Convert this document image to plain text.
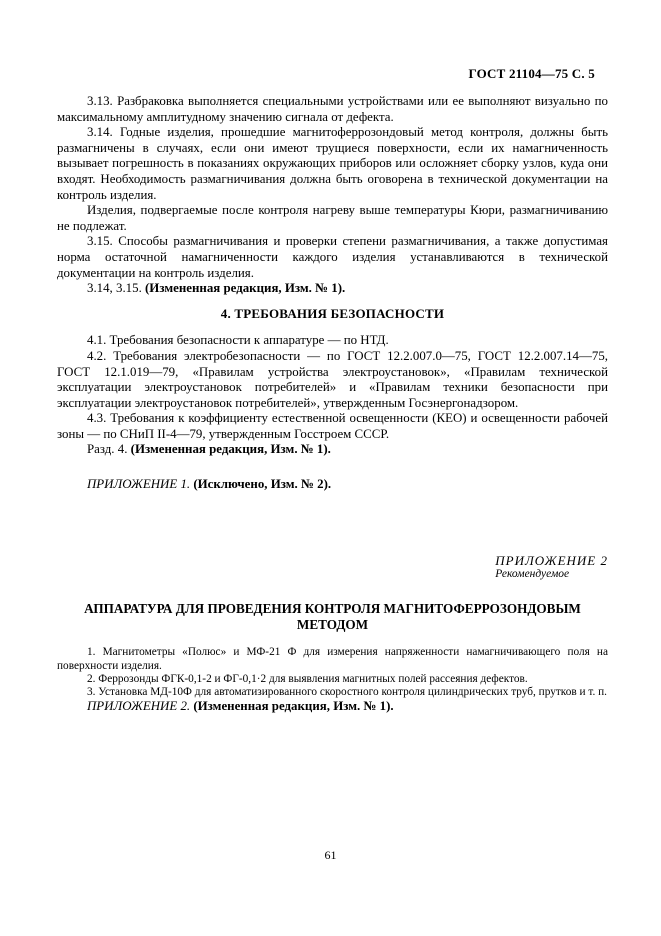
ГОСТ 21104—75 С. 5

3.13. Разбраковка выполняется специальными устройствами или ее выполняют визуально по максимальному амплитудному значению сигнала от дефекта.

3.14. Годные изделия, прошедшие магнитоферрозондовый метод контроля, должны быть размагничены в случаях, если они имеют трущиеся поверхности, если их намагниченность вызывает погрешность в показаниях окружающих приборов или осложняет сборку узлов, куда они входят. Необходимость размагничивания должна быть оговорена в технической документации на контроль изделия.

Изделия, подвергаемые после контроля нагреву выше температуры Кюри, размагничиванию не подлежат.

3.15. Способы размагничивания и проверки степени размагничивания, а также допустимая норма остаточной намагниченности каждого изделия устанавливаются в технической документации на контроль изделия.

3.14, 3.15. (Измененная редакция, Изм. № 1).

4. ТРЕБОВАНИЯ БЕЗОПАСНОСТИ

4.1. Требования безопасности к аппаратуре — по НТД.

4.2. Требования электробезопасности — по ГОСТ 12.2.007.0—75, ГОСТ 12.2.007.14—75, ГОСТ 12.1.019—79, «Правилам устройства электроустановок», «Правилам технической эксплуатации электроустановок потребителей» и «Правилам техники безопасности при эксплуатации электроустановок потребителей», утвержденным Госэнергонадзором.

4.3. Требования к коэффициенту естественной освещенности (КЕО) и освещенности рабочей зоны — по СНиП II-4—79, утвержденным Госстроем СССР.

Разд. 4. (Измененная редакция, Изм. № 1).

ПРИЛОЖЕНИЕ 1. (Исключено, Изм. № 2).

ПРИЛОЖЕНИЕ 2
Рекомендуемое

АППАРАТУРА ДЛЯ ПРОВЕДЕНИЯ КОНТРОЛЯ МАГНИТОФЕРРОЗОНДОВЫМ МЕТОДОМ

1. Магнитометры «Полюс» и МФ-21 Ф для измерения напряженности намагничивающего поля на поверхности изделия.

2. Феррозонды ФГК-0,1-2 и ФГ-0,1·2 для выявления магнитных полей рассеяния дефектов.

3. Установка МД-10Ф для автоматизированного скоростного контроля цилиндрических труб, прутков и т. п.

ПРИЛОЖЕНИЕ 2. (Измененная редакция, Изм. № 1).

61
